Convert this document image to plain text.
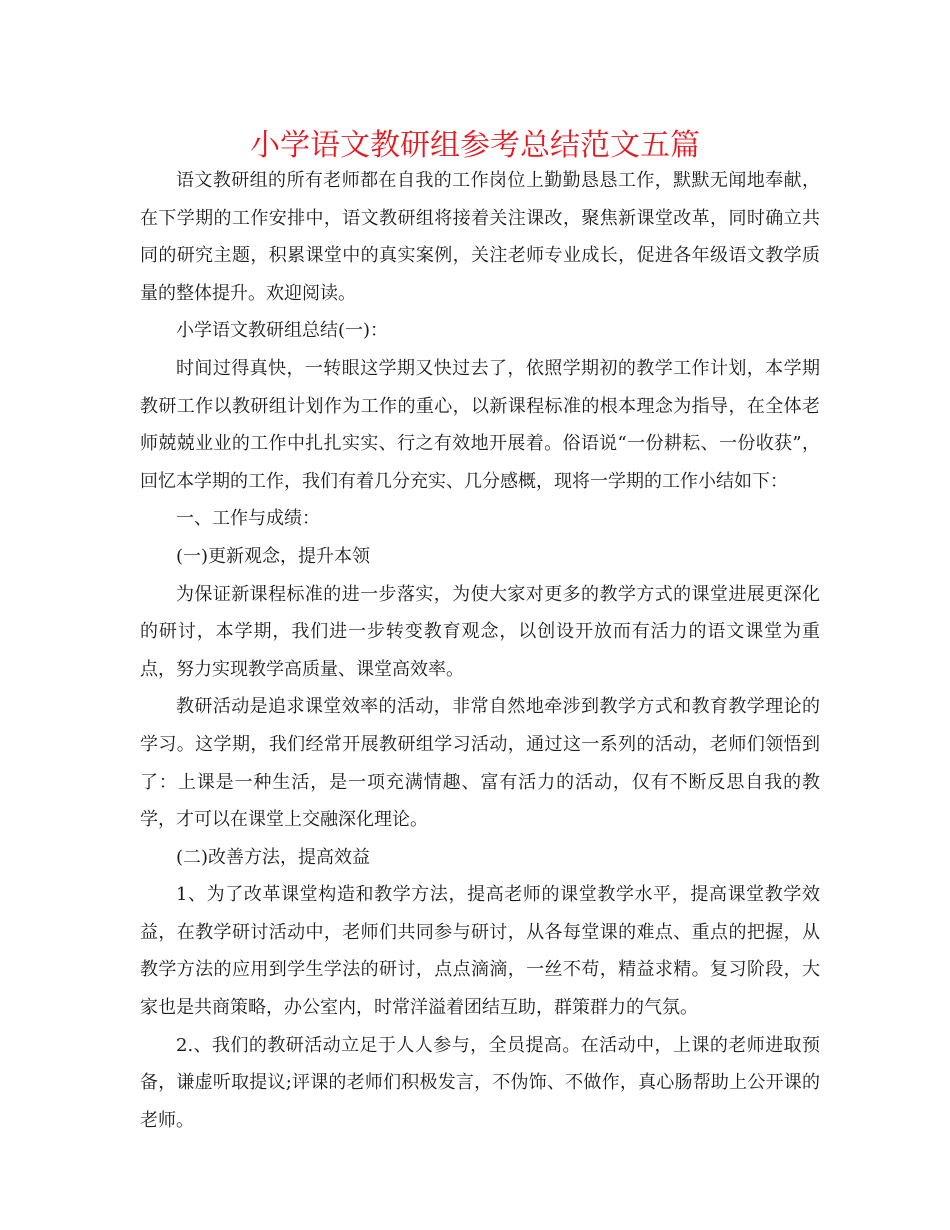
小学语文教研组参考总结范文五篇

语文教研组的所有老师都在自我的工作岗位上勤勤恳恳工作，默默无闻地奉献，在下学期的工作安排中，语文教研组将接着关注课改，聚焦新课堂改革，同时确立共同的研究主题，积累课堂中的真实案例，关注老师专业成长，促进各年级语文教学质量的整体提升。欢迎阅读。

小学语文教研组总结(一)：

时间过得真快，一转眼这学期又快过去了，依照学期初的教学工作计划，本学期教研工作以教研组计划作为工作的重心，以新课程标准的根本理念为指导，在全体老师兢兢业业的工作中扎扎实实、行之有效地开展着。俗语说“一份耕耘、一份收获”，回忆本学期的工作，我们有着几分充实、几分感概，现将一学期的工作小结如下：

一、工作与成绩：

(一)更新观念，提升本领

为保证新课程标准的进一步落实，为使大家对更多的教学方式的课堂进展更深化的研讨，本学期，我们进一步转变教育观念，以创设开放而有活力的语文课堂为重点，努力实现教学高质量、课堂高效率。

教研活动是追求课堂效率的活动，非常自然地牵涉到教学方式和教育教学理论的学习。这学期，我们经常开展教研组学习活动，通过这一系列的活动，老师们领悟到了：上课是一种生活，是一项充满情趣、富有活力的活动，仅有不断反思自我的教学，才可以在课堂上交融深化理论。

(二)改善方法，提高效益

1、为了改革课堂构造和教学方法，提高老师的课堂教学水平，提高课堂教学效益，在教学研讨活动中，老师们共同参与研讨，从各每堂课的难点、重点的把握，从教学方法的应用到学生学法的研讨，点点滴滴，一丝不苟，精益求精。复习阶段，大家也是共商策略，办公室内，时常洋溢着团结互助，群策群力的气氛。

2.、我们的教研活动立足于人人参与，全员提高。在活动中，上课的老师进取预备，谦虚听取提议;评课的老师们积极发言，不伪饰、不做作，真心肠帮助上公开课的老师。
